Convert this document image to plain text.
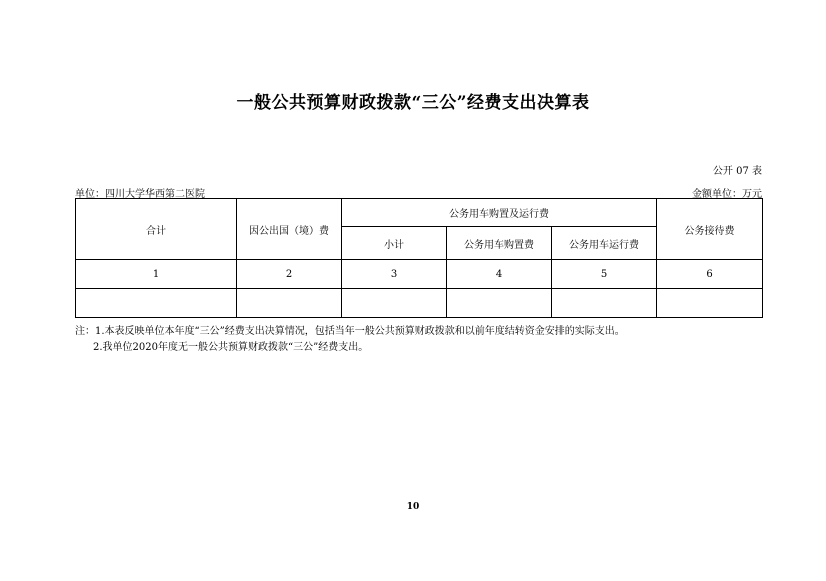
一般公共预算财政拨款“三公”经费支出决算表
公开 07 表
单位：四川大学华西第二医院	金额单位：万元
合计	因公出国（境）费	公务用车购置及运行费			公务接待费
		小计	公务用车购置费	公务用车运行费	
1	2	3	4	5	6

注：1.本表反映单位本年度“三公”经费支出决算情况，包括当年一般公共预算财政拨款和以前年度结转资金安排的实际支出。
2.我单位2020年度无一般公共预算财政拨款“三公”经费支出。
10
